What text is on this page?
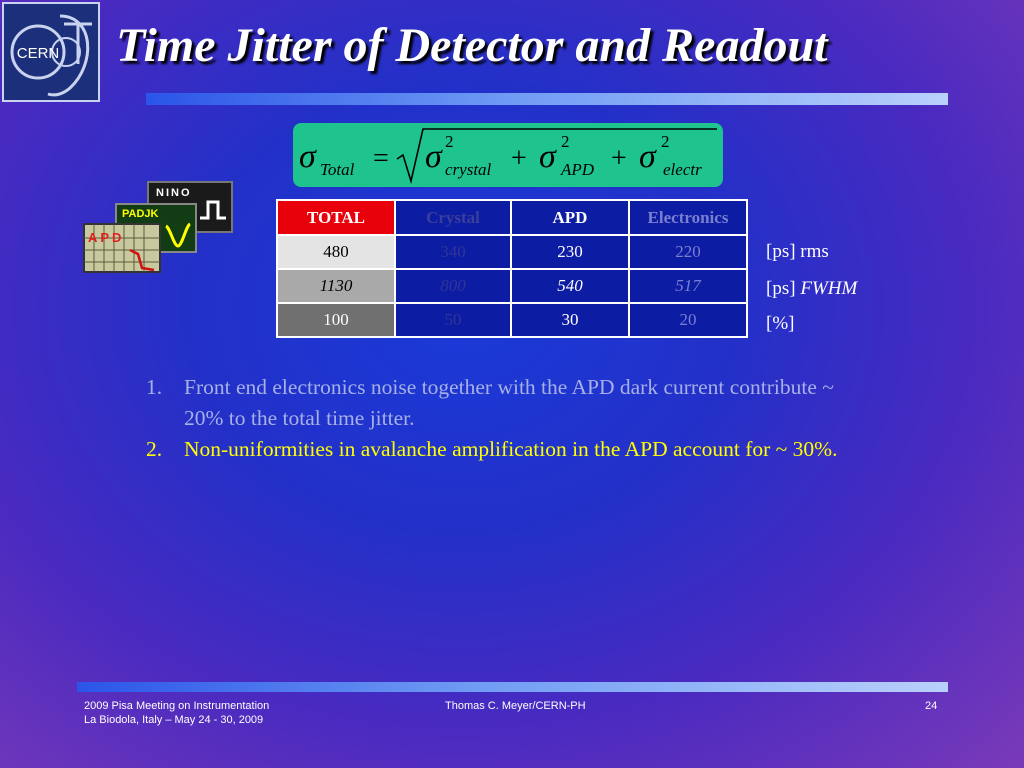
CERN Time Jitter of Detector and Readout
σ Total = σ 2
crystal + σ 2
APD + σ 2
electr
NINO
PADJK
APD
TOTAL	Crystal	APD	Electronics
480	340	230	220
1130	800	540	517
100	50	30	20
[ps] rms
[ps] FWHM
[%]
1. Front end electronics noise together with the APD dark current contribute ~ 20% to the total time jitter.
2. Non-uniformities in avalanche amplification in the APD account for ~ 30%.
2009 Pisa Meeting on Instrumentation
La Biodola, Italy – May 24 - 30, 2009
Thomas C. Meyer/CERN-PH	24
